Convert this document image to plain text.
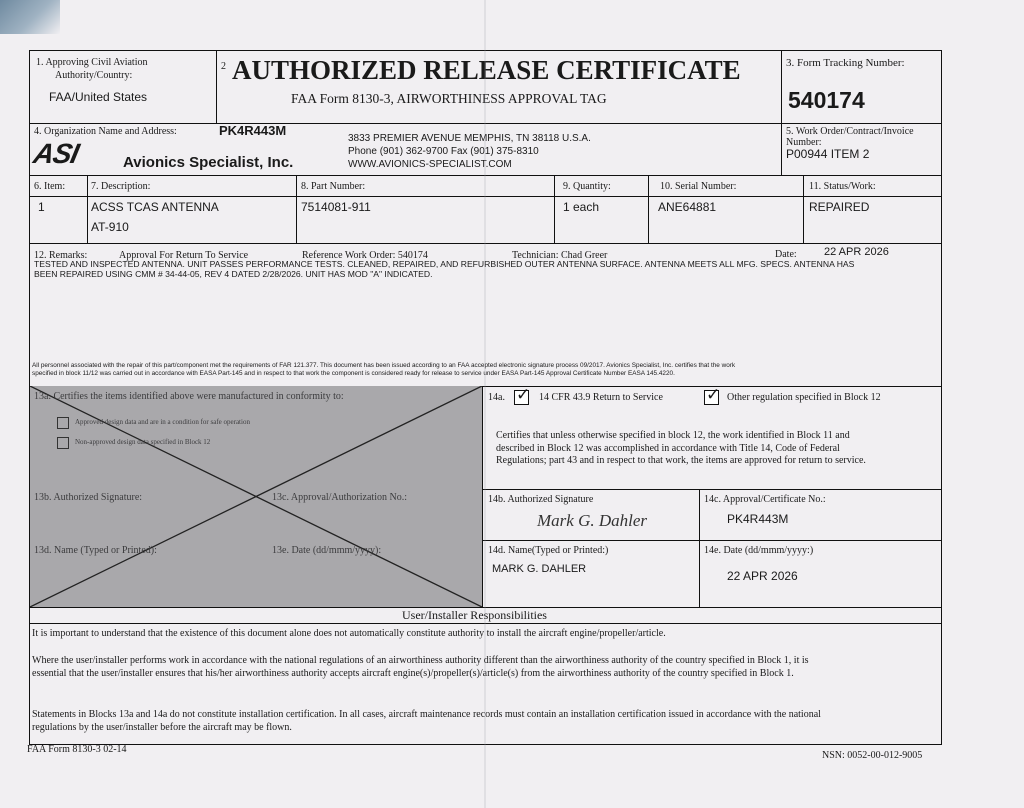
1. Approving Civil Aviation
Authority/Country:
FAA/United States
2 AUTHORIZED RELEASE CERTIFICATE
FAA Form 8130-3, AIRWORTHINESS APPROVAL TAG
3. Form Tracking Number:
540174
4. Organization Name and Address:	PK4R443M
ASI	Avionics Specialist, Inc.
3833 PREMIER AVENUE MEMPHIS, TN 38118 U.S.A.
Phone (901) 362-9700 Fax (901) 375-8310
WWW.AVIONICS-SPECIALIST.COM
5. Work Order/Contract/Invoice
Number:
P00944 ITEM 2
6. Item:	7. Description:	8. Part Number:	9. Quantity:	10. Serial Number:	11. Status/Work:
1	ACSS TCAS ANTENNA
AT-910
7514081-911	1 each	ANE64881	REPAIRED
12. Remarks:	Approval For Return To Service	Reference Work Order: 540174	Technician: Chad Greer	Date: 22 APR 2026
TESTED AND INSPECTED ANTENNA. UNIT PASSES PERFORMANCE TESTS. CLEANED, REPAIRED, AND REFURBISHED OUTER ANTENNA SURFACE. ANTENNA MEETS ALL MFG. SPECS. ANTENNA HAS
BEEN REPAIRED USING CMM # 34-44-05, REV 4 DATED 2/28/2026. UNIT HAS MOD "A" INDICATED.
All personnel associated with the repair of this part/component met the requirements of FAR 121.377. This document has been issued according to an FAA accepted electronic signature process 09/2017. Avionics Specialist, Inc. certifies that the work
specified in block 11/12 was carried out in accordance with EASA Part-145 and in respect to that work the component is considered ready for release to service under EASA Part-145 Approval Certificate Number EASA 145.4220.
13a. Certifies the items identified above were manufactured in conformity to:
Approved design data and are in a condition for safe operation
Non-approved design data specified in Block 12
13b. Authorized Signature:	13c. Approval/Authorization No.:
13d. Name (Typed or Printed):	13e. Date (dd/mmm/yyyy):
14a. ✓ 14 CFR 43.9 Return to Service	✓ Other regulation specified in Block 12
Certifies that unless otherwise specified in block 12, the work identified in Block 11 and described in Block 12 was accomplished in accordance with Title 14, Code of Federal Regulations; part 43 and in respect to that work, the items are approved for return to service.
14b. Authorized Signature
Mark G. Dahler
14c. Approval/Certificate No.:
PK4R443M
14d. Name(Typed or Printed:)
MARK G. DAHLER
14e. Date (dd/mmm/yyyy:)
22 APR 2026
User/Installer Responsibilities
It is important to understand that the existence of this document alone does not automatically constitute authority to install the aircraft engine/propeller/article.
Where the user/installer performs work in accordance with the national regulations of an airworthiness authority different than the airworthiness authority of the country specified in Block 1, it is essential that the user/installer ensures that his/her airworthiness authority accepts aircraft engine(s)/propeller(s)/article(s) from the airworthiness authority of the country specified in Block 1.
Statements in Blocks 13a and 14a do not constitute installation certification. In all cases, aircraft maintenance records must contain an installation certification issued in accordance with the national regulations by the user/installer before the aircraft may be flown.
FAA Form 8130-3 02-14
NSN: 0052-00-012-9005
